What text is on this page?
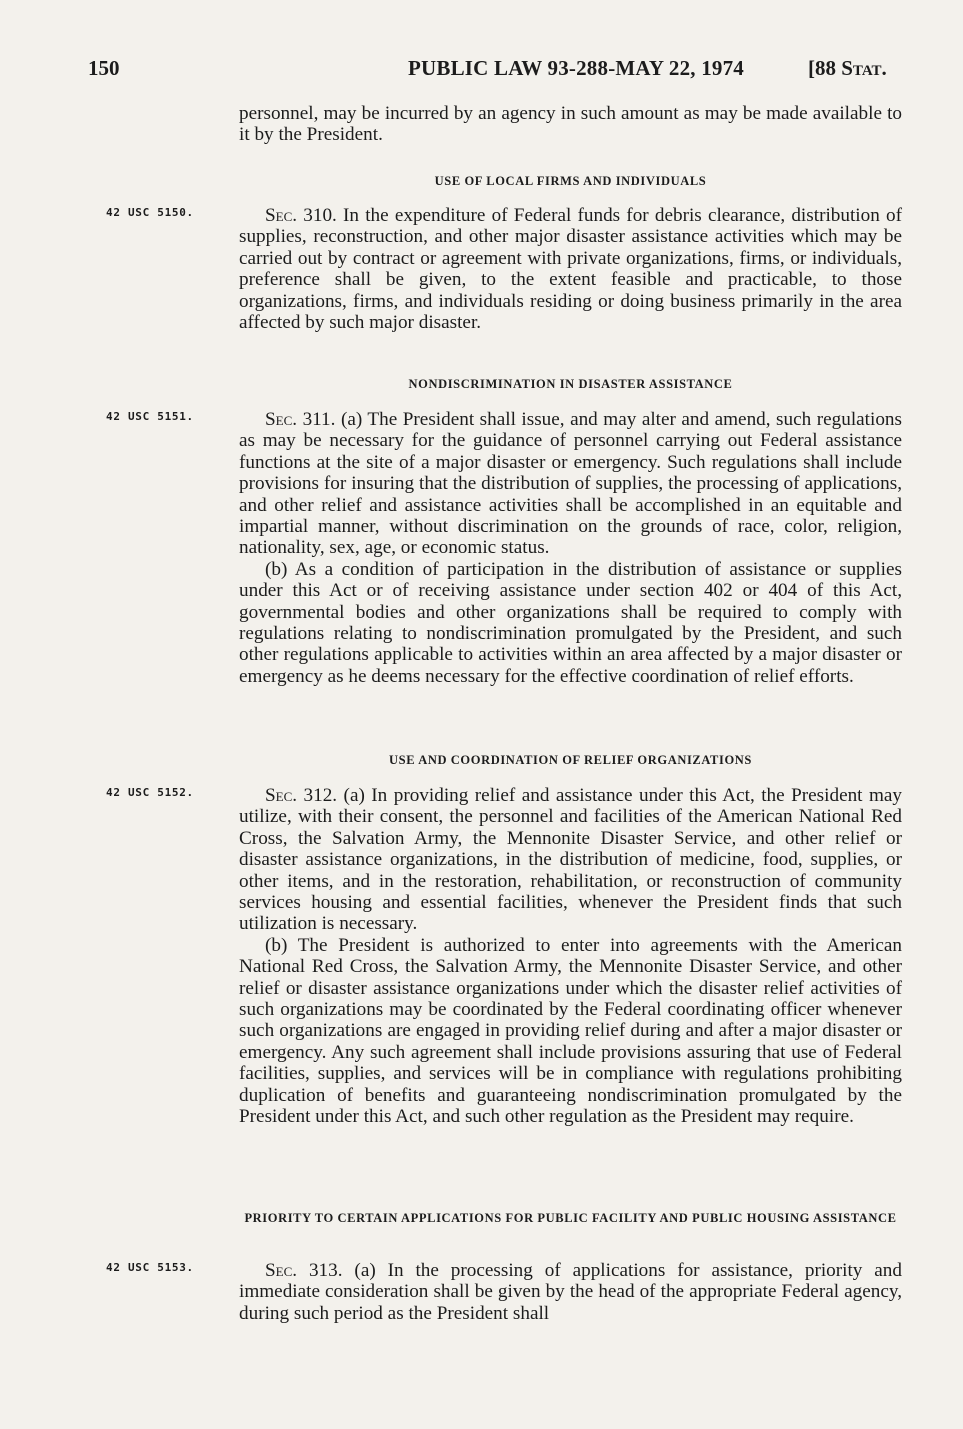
150	PUBLIC LAW 93-288-MAY 22, 1974	[88 Stat.

personnel, may be incurred by an agency in such amount as may be made available to it by the President.

USE OF LOCAL FIRMS AND INDIVIDUALS
42 USC 5150.	Sec. 310. In the expenditure of Federal funds for debris clearance, distribution of supplies, reconstruction, and other major disaster assistance activities which may be carried out by contract or agreement with private organizations, firms, or individuals, preference shall be given, to the extent feasible and practicable, to those organizations, firms, and individuals residing or doing business primarily in the area affected by such major disaster.

NONDISCRIMINATION IN DISASTER ASSISTANCE
42 USC 5151.	Sec. 311. (a) The President shall issue, and may alter and amend, such regulations as may be necessary for the guidance of personnel carrying out Federal assistance functions at the site of a major disaster or emergency. Such regulations shall include provisions for insuring that the distribution of supplies, the processing of applications, and other relief and assistance activities shall be accomplished in an equitable and impartial manner, without discrimination on the grounds of race, color, religion, nationality, sex, age, or economic status.

(b) As a condition of participation in the distribution of assistance or supplies under this Act or of receiving assistance under section 402 or 404 of this Act, governmental bodies and other organizations shall be required to comply with regulations relating to nondiscrimination promulgated by the President, and such other regulations applicable to activities within an area affected by a major disaster or emergency as he deems necessary for the effective coordination of relief efforts.

USE AND COORDINATION OF RELIEF ORGANIZATIONS
42 USC 5152.	Sec. 312. (a) In providing relief and assistance under this Act, the President may utilize, with their consent, the personnel and facilities of the American National Red Cross, the Salvation Army, the Mennonite Disaster Service, and other relief or disaster assistance organizations, in the distribution of medicine, food, supplies, or other items, and in the restoration, rehabilitation, or reconstruction of community services housing and essential facilities, whenever the President finds that such utilization is necessary.

(b) The President is authorized to enter into agreements with the American National Red Cross, the Salvation Army, the Mennonite Disaster Service, and other relief or disaster assistance organizations under which the disaster relief activities of such organizations may be coordinated by the Federal coordinating officer whenever such organizations are engaged in providing relief during and after a major disaster or emergency. Any such agreement shall include provisions assuring that use of Federal facilities, supplies, and services will be in compliance with regulations prohibiting duplication of benefits and guaranteeing nondiscrimination promulgated by the President under this Act, and such other regulation as the President may require.

PRIORITY TO CERTAIN APPLICATIONS FOR PUBLIC FACILITY AND PUBLIC HOUSING ASSISTANCE
42 USC 5153.	Sec. 313. (a) In the processing of applications for assistance, priority and immediate consideration shall be given by the head of the appropriate Federal agency, during such period as the President shall
